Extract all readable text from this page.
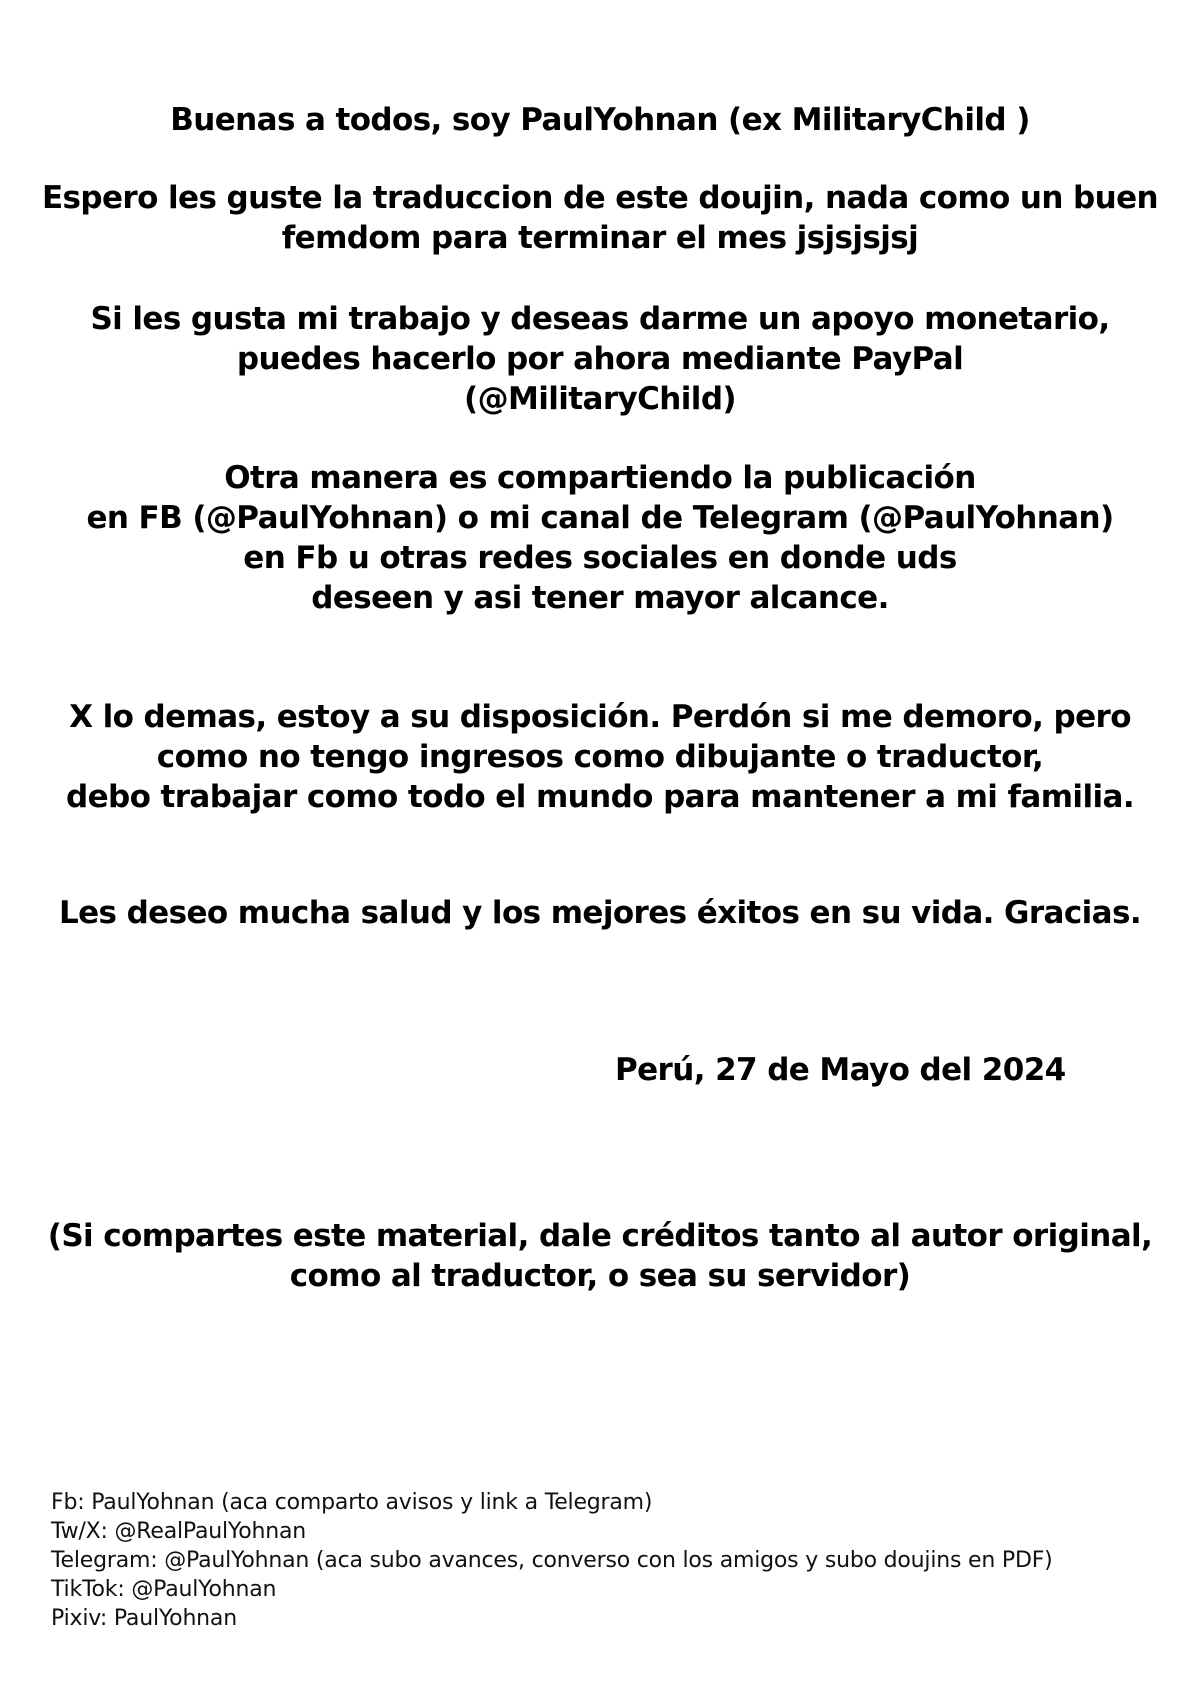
Buenas a todos, soy PaulYohnan (ex MilitaryChild )
Espero les guste la traduccion de este doujin, nada como un buen
femdom para terminar el mes jsjsjsjsj
Si les gusta mi trabajo y deseas darme un apoyo monetario,
puedes hacerlo por ahora mediante PayPal
(@MilitaryChild)
Otra manera es compartiendo la publicación
en FB (@PaulYohnan) o mi canal de Telegram (@PaulYohnan)
en Fb u otras redes sociales en donde uds
deseen y asi tener mayor alcance.
X lo demas, estoy a su disposición. Perdón si me demoro, pero
como no tengo ingresos como dibujante o traductor,
debo trabajar como todo el mundo para mantener a mi familia.
Les deseo mucha salud y los mejores éxitos en su vida. Gracias.
Perú, 27 de Mayo del 2024
(Si compartes este material, dale créditos tanto al autor original,
como al traductor, o sea su servidor)
Fb: PaulYohnan (aca comparto avisos y link a Telegram)
Tw/X: @RealPaulYohnan
Telegram: @PaulYohnan (aca subo avances, converso con los amigos y subo doujins en PDF)
TikTok: @PaulYohnan
Pixiv: PaulYohnan
